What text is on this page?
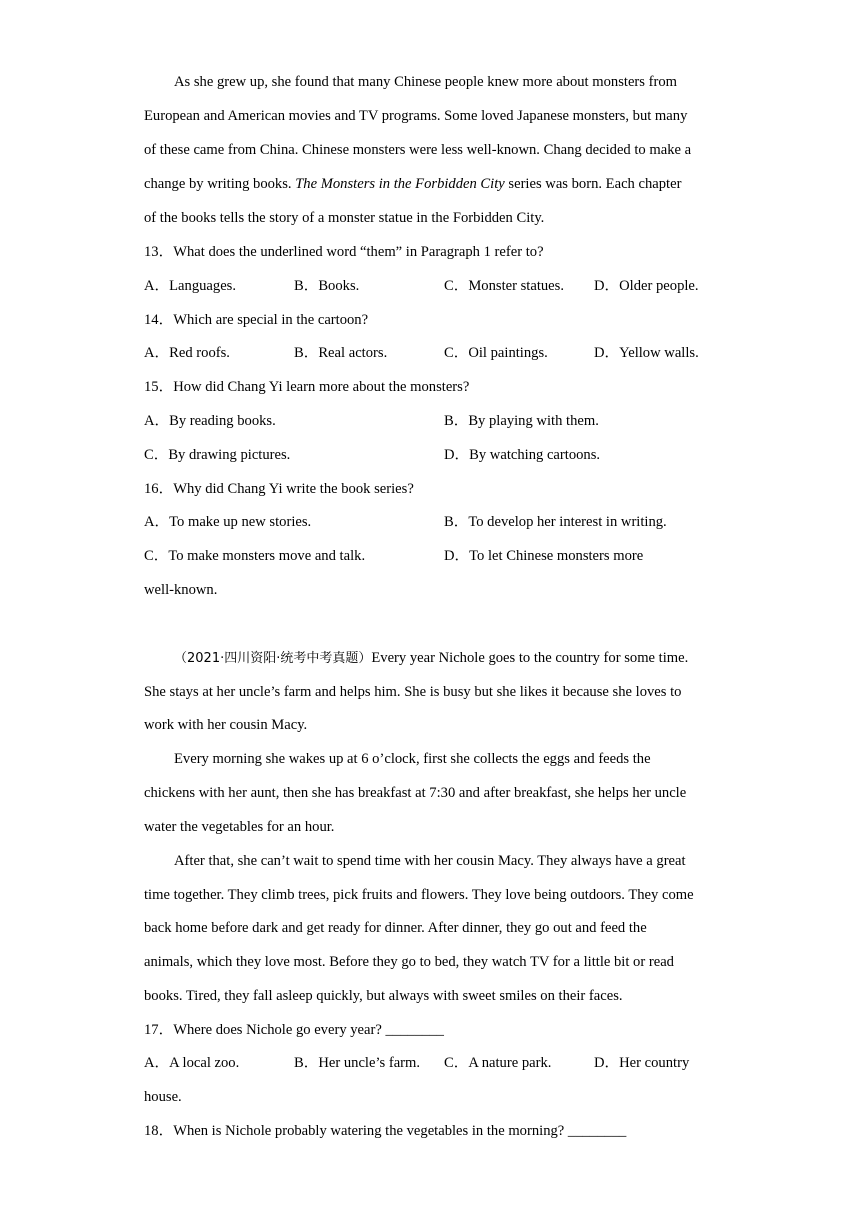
As she grew up, she found that many Chinese people knew more about monsters from
European and American movies and TV programs. Some loved Japanese monsters, but many
of these came from China. Chinese monsters were less well-known. Chang decided to make a
change by writing books. The Monsters in the Forbidden City series was born. Each chapter
of the books tells the story of a monster statue in the Forbidden City.
13．What does the underlined word “them” in Paragraph 1 refer to?
A．Languages.	B．Books.	C．Monster statues. D．Older people.
14．Which are special in the cartoon?
A．Red roofs.	B．Real actors.	C．Oil paintings.	D．Yellow walls.
15．How did Chang Yi learn more about the monsters?
A．By reading books.	B．By playing with them.
C．By drawing pictures.	D．By watching cartoons.
16．Why did Chang Yi write the book series?
A．To make up new stories.	B．To develop her interest in writing.
C．To make monsters move and talk.	D．To let Chinese monsters more
well-known.
（2021·四川资阳·统考中考真题）Every year Nichole goes to the country for some time.
She stays at her uncle’s farm and helps him. She is busy but she likes it because she loves to
work with her cousin Macy.
Every morning she wakes up at 6 o’clock, first she collects the eggs and feeds the
chickens with her aunt, then she has breakfast at 7:30 and after breakfast, she helps her uncle
water the vegetables for an hour.
After that, she can’t wait to spend time with her cousin Macy. They always have a great
time together. They climb trees, pick fruits and flowers. They love being outdoors. They come
back home before dark and get ready for dinner. After dinner, they go out and feed the
animals, which they love most. Before they go to bed, they watch TV for a little bit or read
books. Tired, they fall asleep quickly, but always with sweet smiles on their faces.
17．Where does Nichole go every year? ________
A．A local zoo.	B．Her uncle’s farm. C．A nature park.	D．Her country
house.
18．When is Nichole probably watering the vegetables in the morning? ________
